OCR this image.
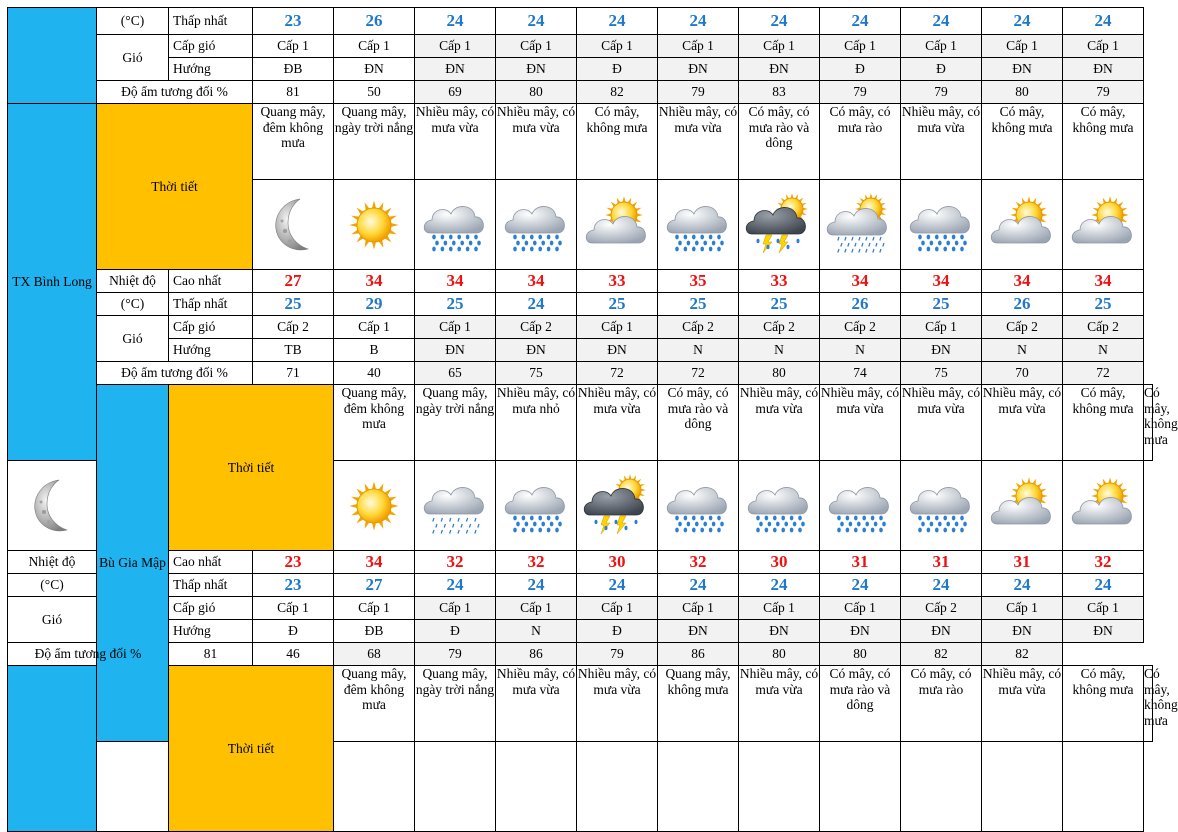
	(°C)	Thấp nhất	23	26	24	24	24	24	24	24	24	24	24	
	Gió	Cấp gió	Cấp 1	Cấp 1	Cấp 1	Cấp 1	Cấp 1	Cấp 1	Cấp 1	Cấp 1	Cấp 1	Cấp 1	Cấp 1	
		Hướng	ĐB	ĐN	ĐN	ĐN	Đ	ĐN	ĐN	Đ	Đ	ĐN	ĐN	
	Độ ẩm tương đối %		81	50	69	80	82	79	83	79	79	80	79	
TX Bình Long	Thời tiết		Quang mây, đêm không mưa	Quang mây, ngày trời nắng	Nhiều mây, có mưa vừa	Nhiều mây, có mưa vừa	Có mây, không mưa	Nhiều mây, có mưa vừa	Có mây, có mưa rào và dông	Có mây, có mưa rào	Nhiều mây, có mưa vừa	Có mây, không mưa	Có mây, không mưa	

	Nhiệt độ	Cao nhất	27	34	34	34	33	35	33	34	34	34	34	
	(°C)	Thấp nhất	25	29	25	24	25	25	25	26	25	26	25	
	Gió	Cấp gió	Cấp 2	Cấp 1	Cấp 1	Cấp 2	Cấp 1	Cấp 2	Cấp 2	Cấp 2	Cấp 1	Cấp 2	Cấp 2	
		Hướng	TB	B	ĐN	ĐN	ĐN	N	N	N	ĐN	N	N	
	Độ ẩm tương đối %		71	40	65	75	72	72	80	74	75	70	72	
	Bù Gia Mập	Thời tiết		Quang mây, đêm không mưa	Quang mây, ngày trời nắng	Nhiều mây, có mưa nhỏ	Nhiều mây, có mưa vừa	Có mây, có mưa rào và dông	Nhiều mây, có mưa vừa	Nhiều mây, có mưa vừa	Nhiều mây, có mưa vừa	Nhiều mây, có mưa vừa	Có mây, không mưa	Có mây, không mưa

Nhiệt độ		Cao nhất	23	34	32	32	30	32	30	31	31	31	32	
(°C)		Thấp nhất	23	27	24	24	24	24	24	24	24	24	24	
Gió		Cấp gió	Cấp 1	Cấp 1	Cấp 1	Cấp 1	Cấp 1	Cấp 1	Cấp 1	Cấp 1	Cấp 2	Cấp 1	Cấp 1	
		Hướng	Đ	ĐB	Đ	N	Đ	ĐN	ĐN	ĐN	ĐN	ĐN	ĐN	
Độ ẩm tương đối %		81	46	68	79	86	79	86	80	80	82	82		
		Thời tiết		Quang mây, đêm không mưa	Quang mây, ngày trời nắng	Nhiều mây, có mưa vừa	Nhiều mây, có mưa vừa	Quang mây, không mưa	Nhiều mây, có mưa vừa	Có mây, có mưa rào và dông	Có mây, có mưa rào	Nhiều mây, có mưa vừa	Có mây, không mưa	Có mây, không mưa
